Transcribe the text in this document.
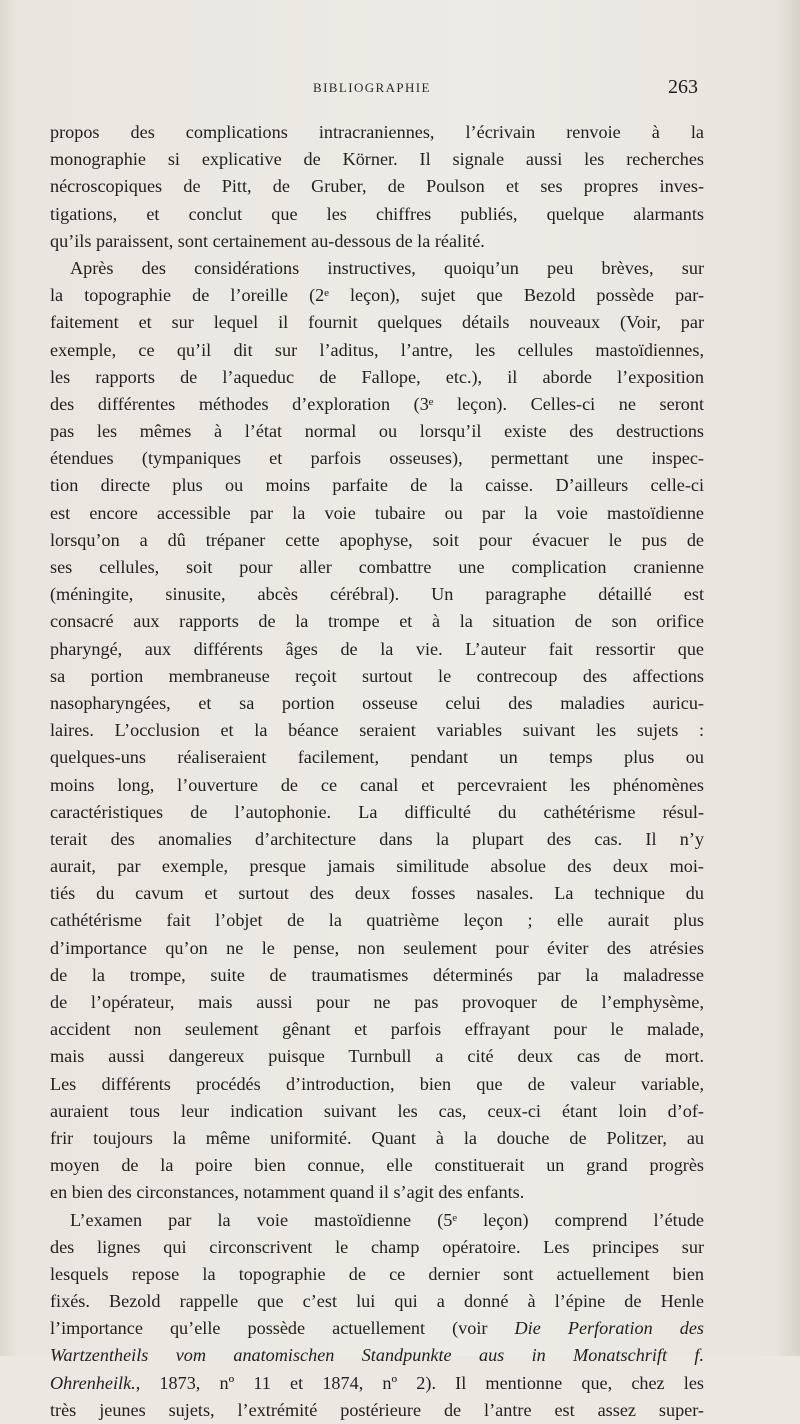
BIBLIOGRAPHIE	263
propos des complications intracraniennes, l’écrivain renvoie à la
monographie si explicative de Körner. Il signale aussi les recherches
nécroscopiques de Pitt, de Gruber, de Poulson et ses propres inves-
tigations, et conclut que les chiffres publiés, quelque alarmants
qu’ils paraissent, sont certainement au-dessous de la réalité.
Après des considérations instructives, quoiqu’un peu brèves, sur
la topographie de l’oreille (2ᵉ leçon), sujet que Bezold possède par-
faitement et sur lequel il fournit quelques détails nouveaux (Voir, par
exemple, ce qu’il dit sur l’aditus, l’antre, les cellules mastoïdiennes,
les rapports de l’aqueduc de Fallope, etc.), il aborde l’exposition
des différentes méthodes d’exploration (3ᵉ leçon). Celles-ci ne seront
pas les mêmes à l’état normal ou lorsqu’il existe des destructions
étendues (tympaniques et parfois osseuses), permettant une inspec-
tion directe plus ou moins parfaite de la caisse. D’ailleurs celle-ci
est encore accessible par la voie tubaire ou par la voie mastoïdienne
lorsqu’on a dû trépaner cette apophyse, soit pour évacuer le pus de
ses cellules, soit pour aller combattre une complication cranienne
(méningite, sinusite, abcès cérébral). Un paragraphe détaillé est
consacré aux rapports de la trompe et à la situation de son orifice
pharyngé, aux différents âges de la vie. L’auteur fait ressortir que
sa portion membraneuse reçoit surtout le contrecoup des affections
nasopharyngées, et sa portion osseuse celui des maladies auricu-
laires. L’occlusion et la béance seraient variables suivant les sujets :
quelques-uns réaliseraient facilement, pendant un temps plus ou
moins long, l’ouverture de ce canal et percevraient les phénomènes
caractéristiques de l’autophonie. La difficulté du cathétérisme résul-
terait des anomalies d’architecture dans la plupart des cas. Il n’y
aurait, par exemple, presque jamais similitude absolue des deux moi-
tiés du cavum et surtout des deux fosses nasales. La technique du
cathétérisme fait l’objet de la quatrième leçon ; elle aurait plus
d’importance qu’on ne le pense, non seulement pour éviter des atrésies
de la trompe, suite de traumatismes déterminés par la maladresse
de l’opérateur, mais aussi pour ne pas provoquer de l’emphysème,
accident non seulement gênant et parfois effrayant pour le malade,
mais aussi dangereux puisque Turnbull a cité deux cas de mort.
Les différents procédés d’introduction, bien que de valeur variable,
auraient tous leur indication suivant les cas, ceux-ci étant loin d’of-
frir toujours la même uniformité. Quant à la douche de Politzer, au
moyen de la poire bien connue, elle constituerait un grand progrès
en bien des circonstances, notamment quand il s’agit des enfants.
L’examen par la voie mastoïdienne (5ᵉ leçon) comprend l’étude
des lignes qui circonscrivent le champ opératoire. Les principes sur
lesquels repose la topographie de ce dernier sont actuellement bien
fixés. Bezold rappelle que c’est lui qui a donné à l’épine de Henle
l’importance qu’elle possède actuellement (voir Die Perforation des
Wartzentheils vom anatomischen Standpunkte aus in Monatschrift f.
Ohrenheilk., 1873, nº 11 et 1874, nº 2). Il mentionne que, chez les
très jeunes sujets, l’extrémité postérieure de l’antre est assez super-
